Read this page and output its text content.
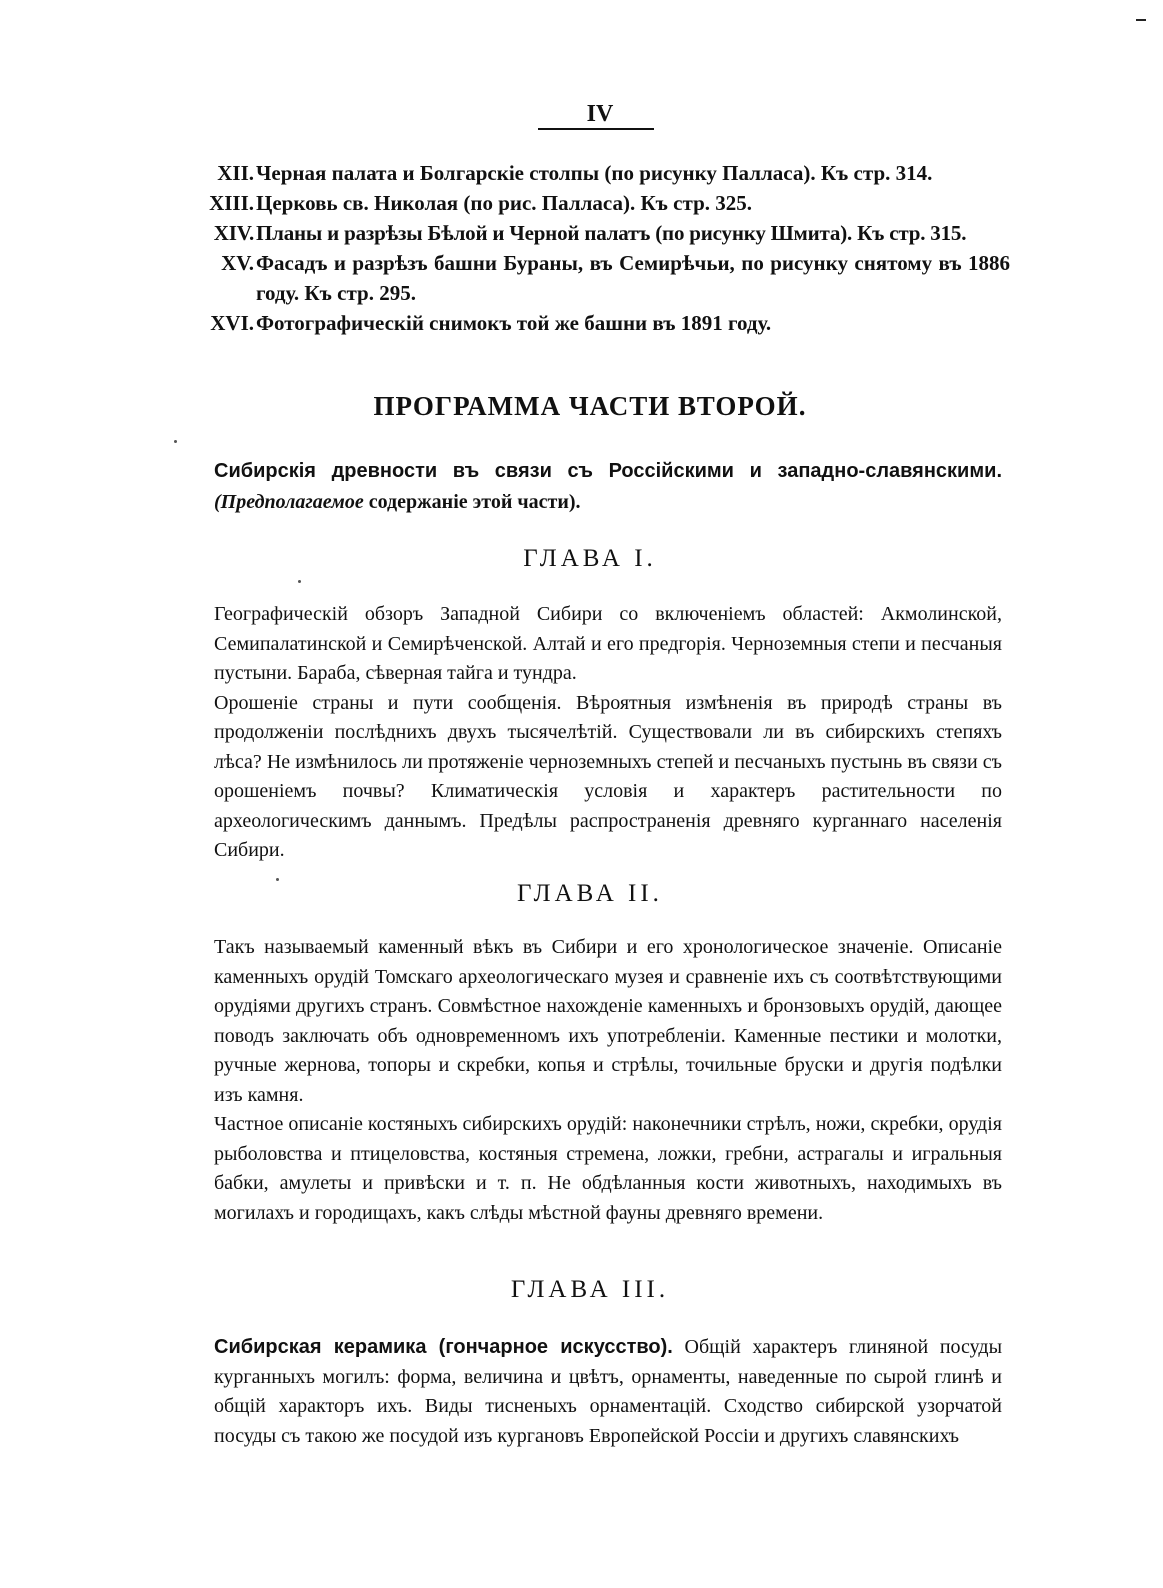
IV
XII. Черная палата и Болгарскіе столпы (по рисунку Палласа). Къ стр. 314.
XIII. Церковь св. Николая (по рис. Палласа). Къ стр. 325.
XIV. Планы и разрѣзы Бѣлой и Черной палатъ (по рисунку Шмита). Къ стр. 315.
XV. Фасадъ и разрѣзъ башни Бураны, въ Семирѣчьи, по рисунку снятому въ 1886 году. Къ стр. 295.
XVI. Фотографическій снимокъ той же башни въ 1891 году.
ПРОГРАММА ЧАСТИ ВТОРОЙ.
Сибирскія древности въ связи съ Россійскими и западно-славянскими. (Предполагаемое содержаніе этой части).
ГЛАВА I.

Географическій обзоръ Западной Сибири со включеніемъ областей: Акмолинской, Семипалатинской и Семирѣченской. Алтай и его предгорія. Черноземныя степи и песчаныя пустыни. Бараба, сѣверная тайга и тундра.

Орошеніе страны и пути сообщенія. Вѣроятныя измѣненія въ природѣ страны въ продолженіи послѣднихъ двухъ тысячелѣтій. Существовали ли въ сибирскихъ степяхъ лѣса? Не измѣнилось ли протяженіе черноземныхъ степей и песчаныхъ пустынь въ связи съ орошеніемъ почвы? Климатическія условія и характеръ растительности по археологическимъ даннымъ. Предѣлы распространенія древняго курганнаго населенія Сибири.

ГЛАВА II.

Такъ называемый каменный вѣкъ въ Сибири и его хронологическое значеніе. Описаніе каменныхъ орудій Томскаго археологическаго музея и сравненіе ихъ съ соотвѣтствующими орудіями другихъ странъ. Совмѣстное нахожденіе каменныхъ и бронзовыхъ орудій, дающее поводъ заключать объ одновременномъ ихъ употребленіи. Каменные пестики и молотки, ручные жернова, топоры и скребки, копья и стрѣлы, точильные бруски и другія подѣлки изъ камня.

Частное описаніе костяныхъ сибирскихъ орудій: наконечники стрѣлъ, ножи, скребки, орудія рыболовства и птицеловства, костяныя стремена, ложки, гребни, астрагалы и игральныя бабки, амулеты и привѣски и т. п. Не обдѣланныя кости животныхъ, находимыхъ въ могилахъ и городищахъ, какъ слѣды мѣстной фауны древняго времени.

ГЛАВА III.

Сибирская керамика (гончарное искусство). Общій характеръ глиняной посуды курганныхъ могилъ: форма, величина и цвѣтъ, орнаменты, наведенные по сырой глинѣ и общій характоръ ихъ. Виды тисненыхъ орнаментацій. Сходство сибирской узорчатой посуды съ такою же посудой изъ кургановъ Европейской Россіи и другихъ славянскихъ
